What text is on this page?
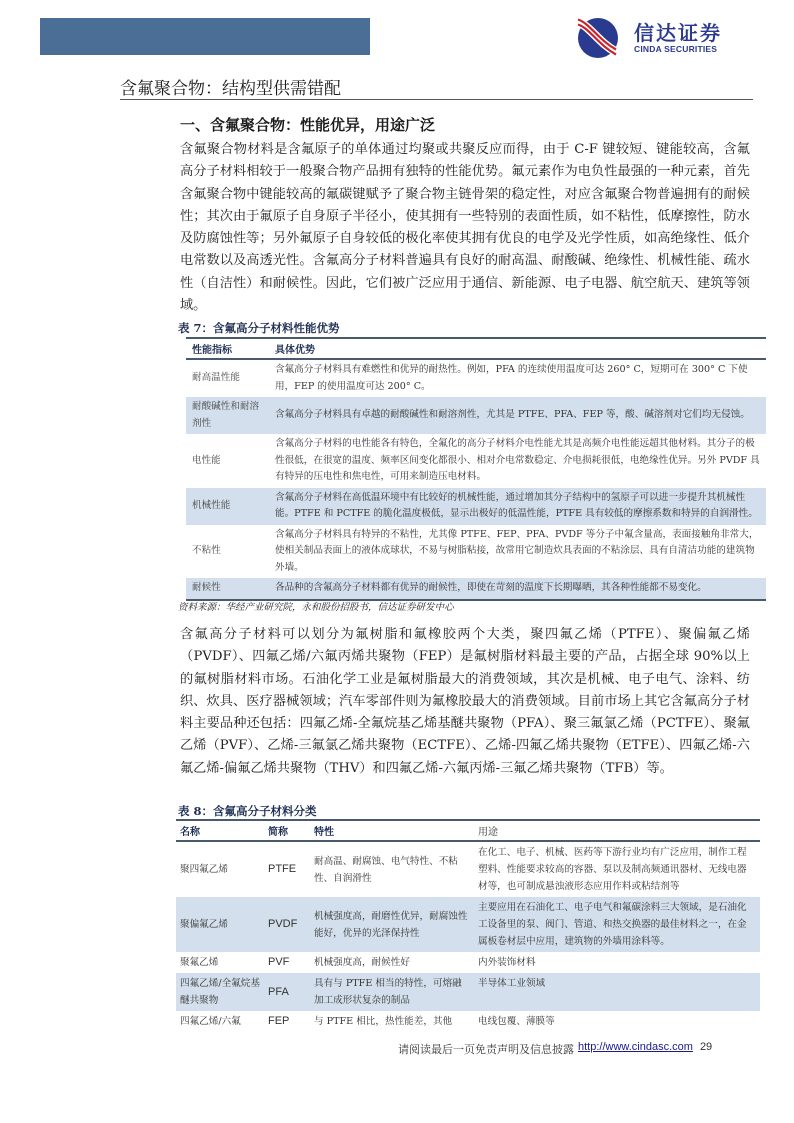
信达证券
CINDA SECURITIES
含氟聚合物：结构型供需错配
一、含氟聚合物：性能优异，用途广泛

含氟聚合物材料是含氟原子的单体通过均聚或共聚反应而得，由于 C-F 键较短、键能较高，含氟高分子材料相较于一般聚合物产品拥有独特的性能优势。氟元素作为电负性最强的一种元素，首先含氟聚合物中键能较高的氟碳键赋予了聚合物主链骨架的稳定性，对应含氟聚合物普遍拥有的耐候性；其次由于氟原子自身原子半径小，使其拥有一些特别的表面性质，如不粘性，低摩擦性，防水及防腐蚀性等；另外氟原子自身较低的极化率使其拥有优良的电学及光学性质，如高绝缘性、低介电常数以及高透光性。含氟高分子材料普遍具有良好的耐高温、耐酸碱、绝缘性、机械性能、疏水性（自洁性）和耐候性。因此，它们被广泛应用于通信、新能源、电子电器、航空航天、建筑等领域。

表 7：含氟高分子材料性能优势
性能指标	具体优势
耐高温性能	含氟高分子材料具有难燃性和优异的耐热性。例如，PFA 的连续使用温度可达 260° C，短期可在 300° C 下使用，FEP 的使用温度可达 200° C。
耐酸碱性和耐溶剂性	含氟高分子材料具有卓越的耐酸碱性和耐溶剂性，尤其是 PTFE、PFA、FEP 等，酸、碱溶剂对它们均无侵蚀。
电性能	含氟高分子材料的电性能各有特色，全氟化的高分子材料介电性能尤其是高频介电性能远超其他材料。其分子的极性很低，在很宽的温度、频率区间变化都很小、相对介电常数稳定、介电损耗很低，电绝缘性优异。另外 PVDF 具有特异的压电性和焦电性，可用来制造压电材料。
机械性能	含氟高分子材料在高低温环境中有比较好的机械性能，通过增加其分子结构中的氢原子可以进一步提升其机械性能。PTFE 和 PCTFE 的脆化温度极低，显示出极好的低温性能，PTFE 具有较低的摩擦系数和特异的自润滑性。
不粘性	含氟高分子材料具有特异的不粘性，尤其像 PTFE、FEP、PFA、PVDF 等分子中氟含量高，表面接触角非常大，使相关制品表面上的液体成球状，不易与树脂粘接，故常用它制造炊具表面的不粘涂层、具有自清洁功能的建筑物外墙。
耐候性	各品种的含氟高分子材料都有优异的耐候性，即使在苛刻的温度下长期曝晒，其各种性能都不易变化。
资料来源：华经产业研究院，永和股份招股书，信达证券研发中心

含氟高分子材料可以划分为氟树脂和氟橡胶两个大类，聚四氟乙烯（PTFE）、聚偏氟乙烯（PVDF）、四氟乙烯/六氟丙烯共聚物（FEP）是氟树脂材料最主要的产品，占据全球 90%以上的氟树脂材料市场。石油化学工业是氟树脂最大的消费领域，其次是机械、电子电气、涂料、纺织、炊具、医疗器械领域；汽车零部件则为氟橡胶最大的消费领域。目前市场上其它含氟高分子材料主要品种还包括：四氟乙烯-全氟烷基乙烯基醚共聚物（PFA）、聚三氟氯乙烯（PCTFE）、聚氟乙烯（PVF）、乙烯-三氟氯乙烯共聚物（ECTFE）、乙烯-四氟乙烯共聚物（ETFE）、四氟乙烯-六氟乙烯-偏氟乙烯共聚物（THV）和四氟乙烯-六氟丙烯-三氟乙烯共聚物（TFB）等。

表 8：含氟高分子材料分类
名称	简称	特性	用途
聚四氟乙烯	PTFE	耐高温、耐腐蚀、电气特性、不粘性、自润滑性	在化工、电子、机械、医药等下游行业均有广泛应用，制作工程塑料、性能要求较高的容器、泵以及制高频通讯器材、无线电器材等，也可制成悬浊液形态应用作料或粘结剂等
聚偏氟乙烯	PVDF	机械强度高，耐磨性优异，耐腐蚀性能好，优异的光泽保持性	主要应用在石油化工、电子电气和氟碳涂料三大领域，是石油化工设备里的泵、阀门、管道、和热交换器的最佳材料之一，在金属板卷材层中应用，建筑物的外墙用涂料等。
聚氟乙烯	PVF	机械强度高，耐候性好	内外装饰材料
四氟乙烯/全氟烷基醚共聚物	PFA	具有与 PTFE 相当的特性，可熔融加工成形状复杂的制品	半导体工业领域
四氟乙烯/六氟	FEP	与 PTFE 相比，热性能差，其他	电线包覆、薄膜等
请阅读最后一页免责声明及信息披露 http://www.cindasc.com 29
